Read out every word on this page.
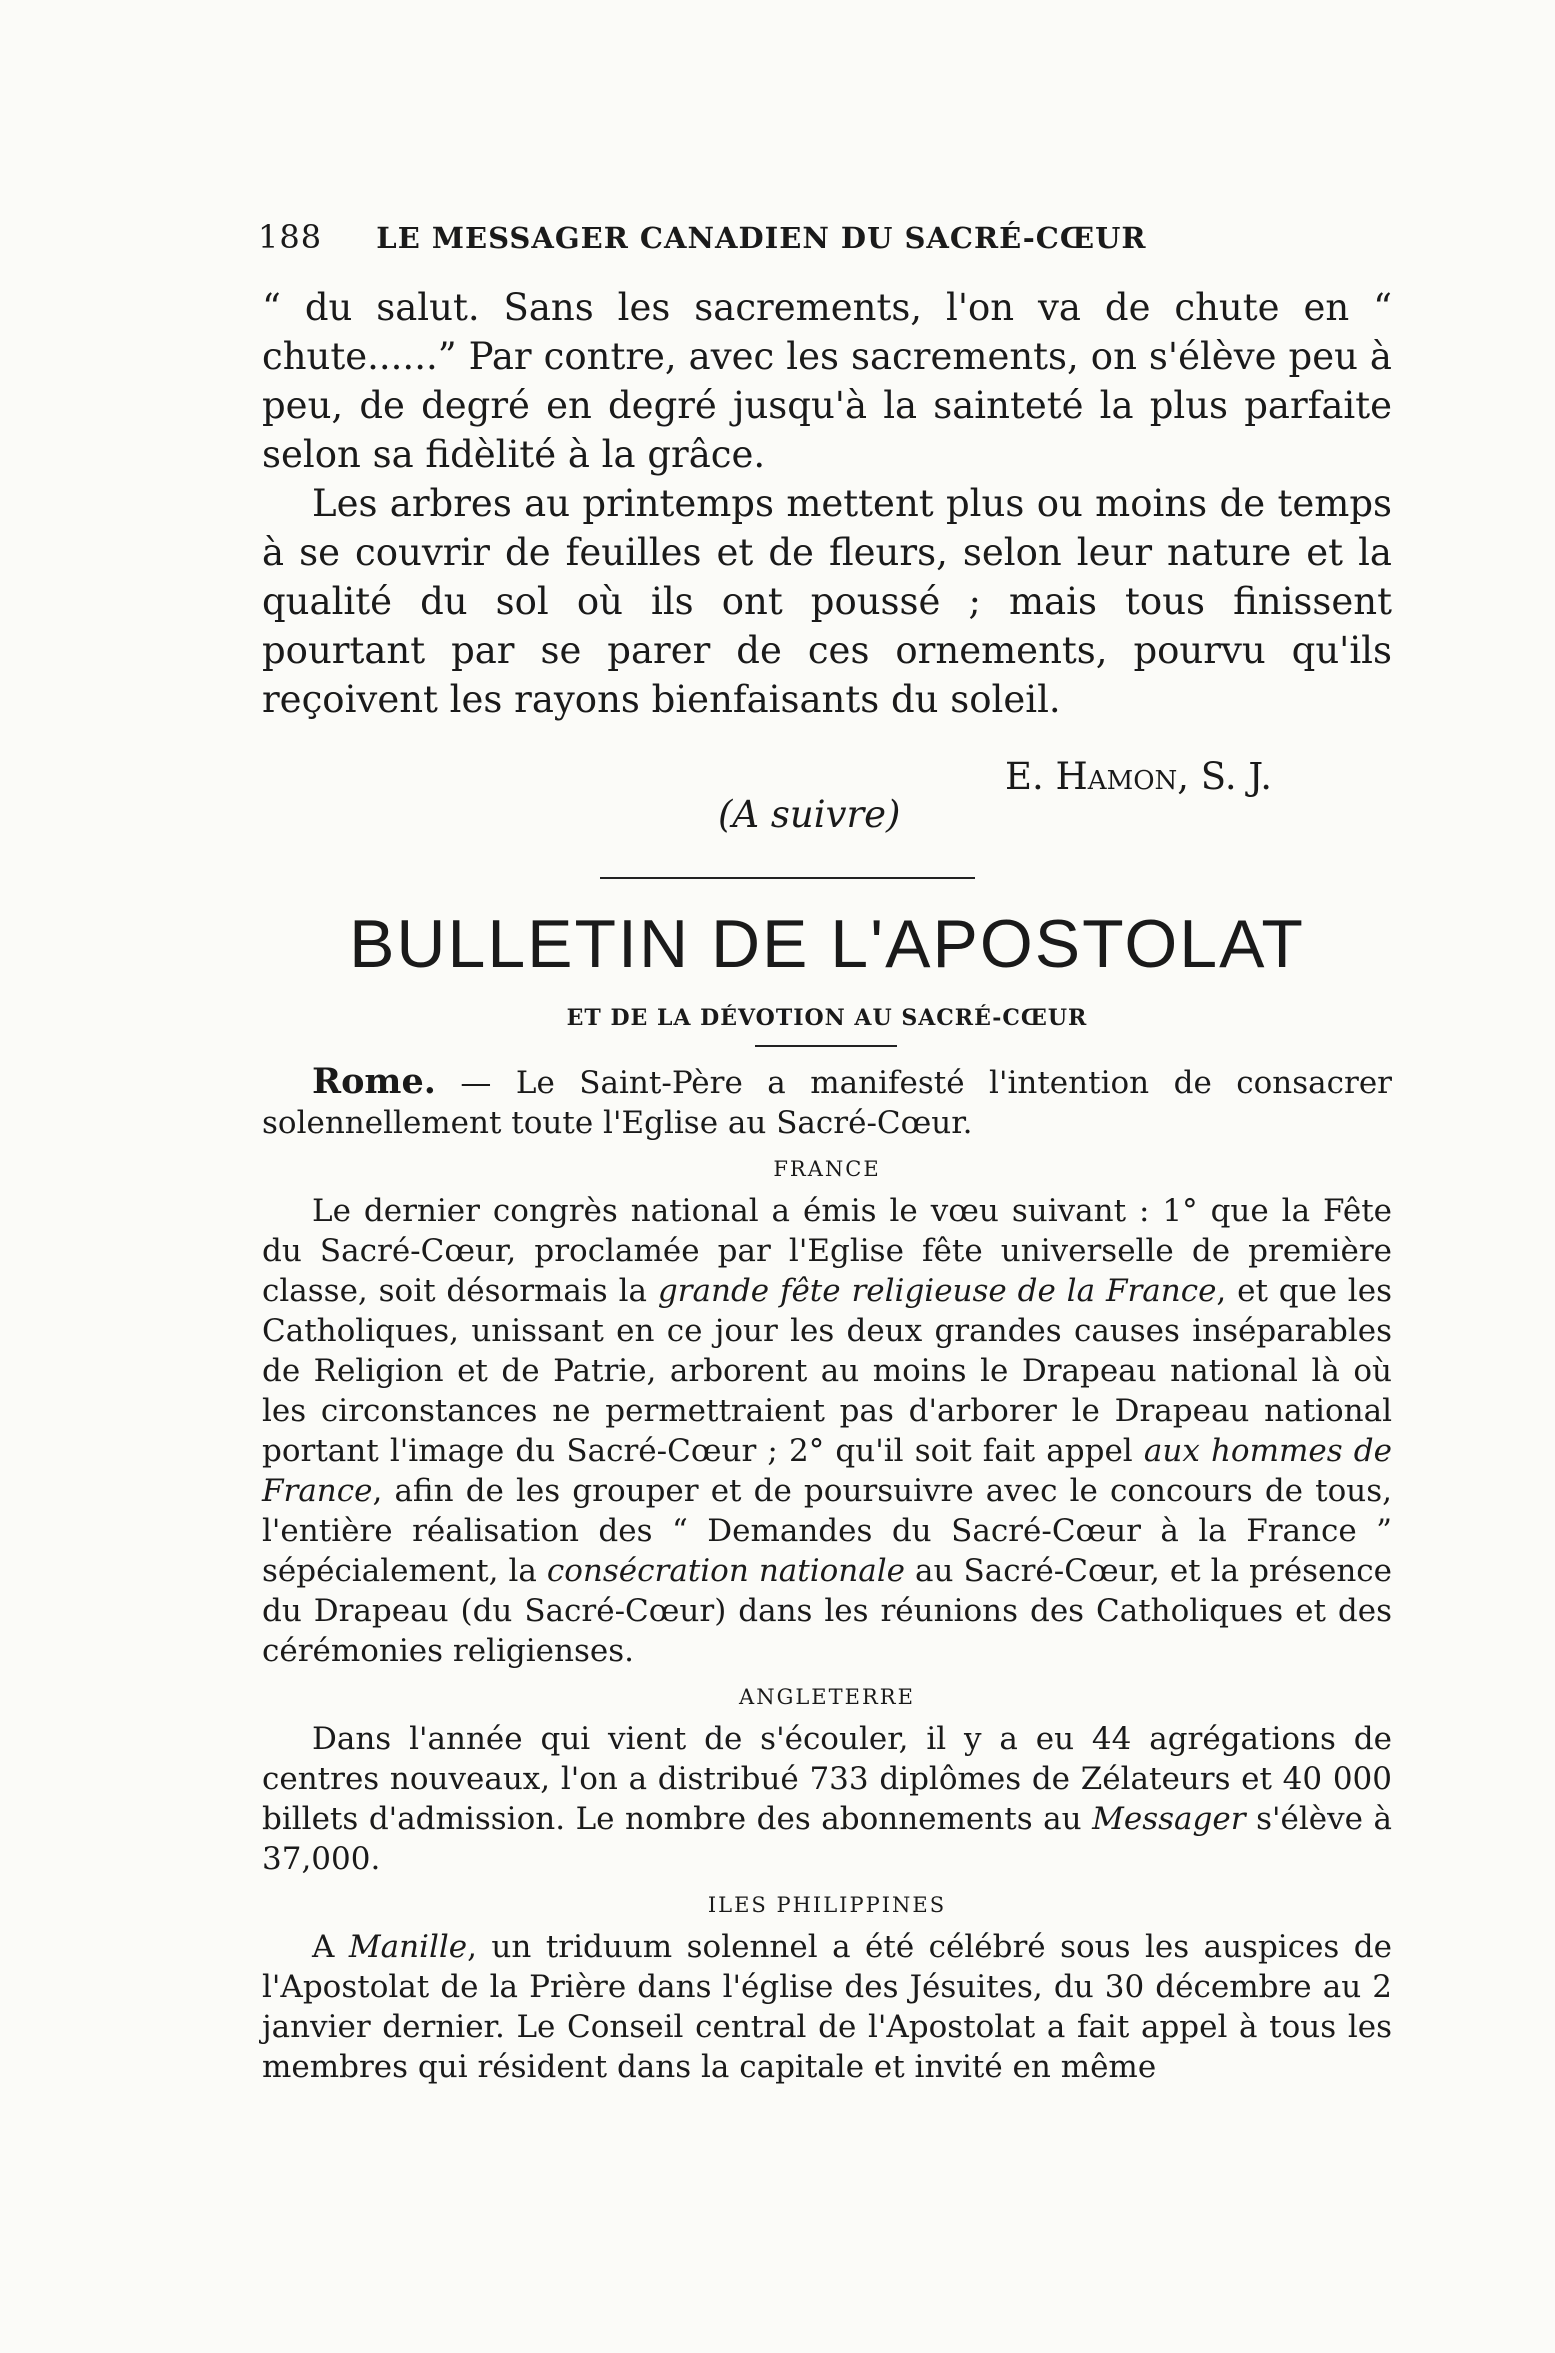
188 LE MESSAGER CANADIEN DU SACRÉ-CŒUR

“ du salut. Sans les sacrements, l'on va de chute en “ chute......” Par contre, avec les sacrements, on s'élève peu à peu, de degré en degré jusqu'à la sainteté la plus parfaite selon sa fidèlité à la grâce.

Les arbres au printemps mettent plus ou moins de temps à se couvrir de feuilles et de fleurs, selon leur nature et la qualité du sol où ils ont poussé ; mais tous finissent pourtant par se parer de ces ornements, pourvu qu'ils reçoivent les rayons bienfaisants du soleil.

E. Hamon, S. J.
(A suivre)
BULLETIN DE L'APOSTOLAT
ET DE LA DÉVOTION AU SACRÉ-CŒUR

Rome. — Le Saint-Père a manifesté l'intention de consacrer solennellement toute l'Eglise au Sacré-Cœur.

FRANCE

Le dernier congrès national a émis le vœu suivant : 1° que la Fête du Sacré-Cœur, proclamée par l'Eglise fête universelle de première classe, soit désormais la grande fête religieuse de la France, et que les Catholiques, unissant en ce jour les deux grandes causes inséparables de Religion et de Patrie, arborent au moins le Drapeau national là où les circonstances ne permettraient pas d'arborer le Drapeau national portant l'image du Sacré-Cœur ; 2° qu'il soit fait appel aux hommes de France, afin de les grouper et de poursuivre avec le concours de tous, l'entière réalisation des “ Demandes du Sacré-Cœur à la France ” sépécialement, la consécration nationale au Sacré-Cœur, et la présence du Drapeau (du Sacré-Cœur) dans les réunions des Catholiques et des cérémonies religienses.

ANGLETERRE

Dans l'année qui vient de s'écouler, il y a eu 44 agrégations de centres nouveaux, l'on a distribué 733 diplômes de Zélateurs et 40 000 billets d'admission. Le nombre des abonnements au Messager s'élève à 37,000.

ILES PHILIPPINES

A Manille, un triduum solennel a été célébré sous les auspices de l'Apostolat de la Prière dans l'église des Jésuites, du 30 décembre au 2 janvier dernier. Le Conseil central de l'Apostolat a fait appel à tous les membres qui résident dans la capitale et invité en même
